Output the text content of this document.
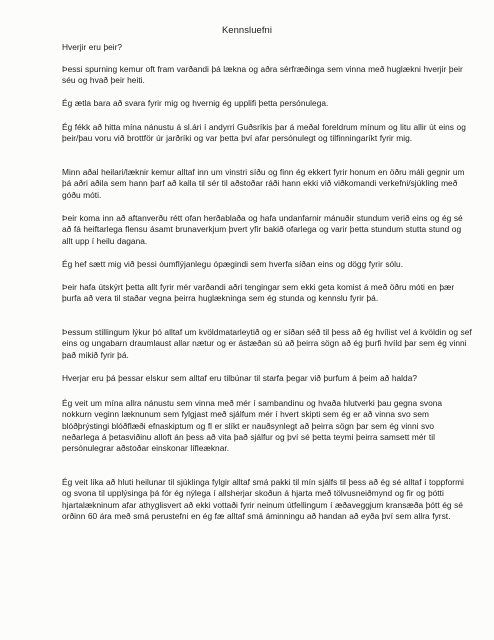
Kennsluefni
Hverjir eru þeir?
Þessi spurning kemur oft fram varðandi þá lækna og aðra sérfræðinga sem vinna með huglækni hverjir þeir séu og hvað þeir heiti.
Ég ætla bara að svara fyrir mig og hvernig ég upplifi þetta persónulega.
Ég fékk að hitta mína nánustu á sl.ári í andyrri Guðsríkis þar á meðal foreldrum mínum og litu allir út eins og þeir/þau voru við brottför úr jarðríki og var þetta því afar persónulegt og tilfinningaríkt fyrir mig.
Minn aðal heilari/læknir kemur alltaf inn um vinstri síðu og finn ég ekkert fyrir honum en öðru máli gegnir um þá aðri aðila sem hann þarf að kalla til sér til aðstoðar ráði hann ekki við viðkomandi verkefni/sjúkling með góðu móti.
Þeir koma inn að aftanverðu rétt ofan herðablaða og hafa undanfarnir mánuðir stundum verið eins og ég sé að fá heiftarlega flensu ásamt brunaverkjum þvert yfir bakið ofarlega og varir þetta stundum stutta stund og allt upp í heilu dagana.
Ég hef sætt mig við þessi óumflýjanlegu ópægindi sem hverfa síðan eins og dögg fyrir sólu.
Þeir hafa útskýrt þetta allt fyrir mér varðandi aðri tengingar sem ekki geta komist á með öðru móti en þær þurfa að vera til staðar vegna þeirra huglækninga sem ég stunda og kennslu fyrir þá.
Þessum stillingum lýkur þó alltaf um kvöldmatarleytið og er síðan séð til þess að ég hvílist vel á kvöldin og sef eins og ungabarn draumlaust allar nætur og er ástæðan sú að þeirra sögn að ég þurfi hvíld þar sem ég vinni það mikið fyrir þá.
Hverjar eru þá þessar elskur sem alltaf eru tilbúnar til starfa þegar við þurfum á þeim að halda?
Ég veit um mína allra nánustu sem vinna með mér í sambandinu og hvaða hlutverki þau gegna svona nokkurn veginn læknunum sem fylgjast með sjálfum mér í hvert skipti sem ég er að vinna svo sem blóðþrýstingi blóðflæði efnaskiptum og fl er slíkt er nauðsynlegt að þeirra sögn þar sem ég vinni svo neðarlega á þetasviðinu alloft án þess að vita það sjálfur og því sé þetta teymi þeirra samsett mér til persónulegrar aðstoðar einskonar lífleæknar.
Ég veit líka að hluti heilunar til sjúklinga fylgir alltaf smá pakki til mín sjálfs til þess að ég sé alltaf í toppformi og svona til upplýsinga þá fór ég nýlega í allsherjar skoðun á hjarta með tölvusneiðmynd og fir og þótti hjartalækninum afar athyglisvert að ekki vottaði fyrir neinum útfellingum í æðaveggjum kransæða þótt ég sé orðinn 60 ára með smá perustefni en ég fæ alltaf smá áminningu að handan að eyða því sem allra fyrst.
